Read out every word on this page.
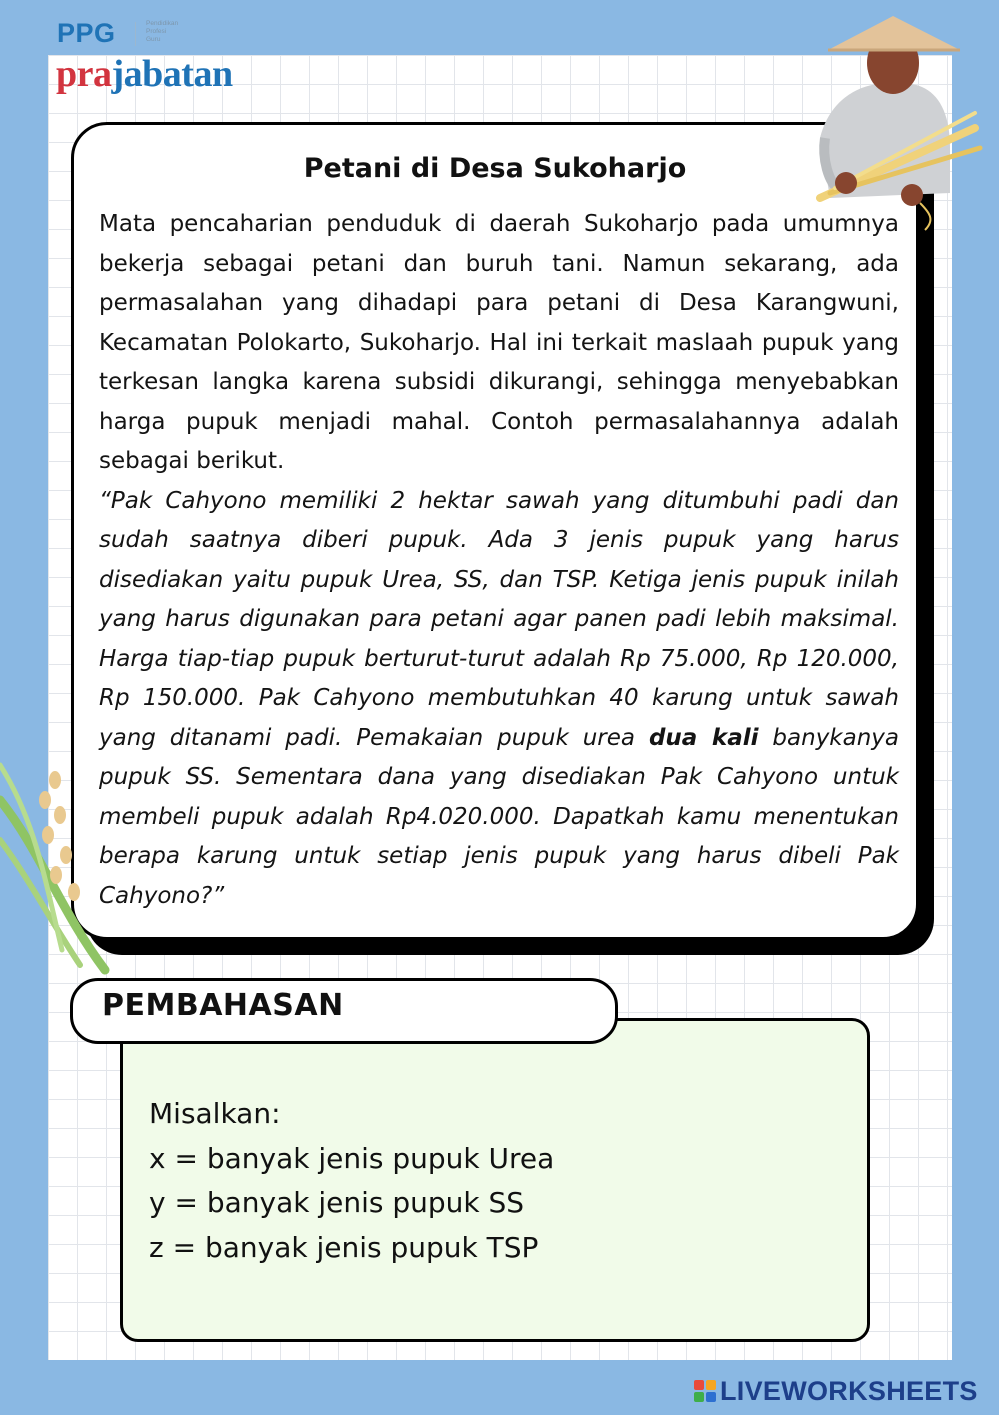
PPG	Pendidikan
Profesi
Guru
prajabatan
Petani di Desa Sukoharjo

Mata pencaharian penduduk di daerah Sukoharjo pada umumnya bekerja sebagai petani dan buruh tani. Namun sekarang, ada permasalahan yang dihadapi para petani di Desa Karangwuni, Kecamatan Polokarto, Sukoharjo. Hal ini terkait maslaah pupuk yang terkesan langka karena subsidi dikurangi, sehingga menyebabkan harga pupuk menjadi mahal. Contoh permasalahannya adalah sebagai berikut.

“Pak Cahyono memiliki 2 hektar sawah yang ditumbuhi padi dan sudah saatnya diberi pupuk. Ada 3 jenis pupuk yang harus disediakan yaitu pupuk Urea, SS, dan TSP. Ketiga jenis pupuk inilah yang harus digunakan para petani agar panen padi lebih maksimal. Harga tiap-tiap pupuk berturut-turut adalah Rp 75.000, Rp 120.000, Rp 150.000. Pak Cahyono membutuhkan 40 karung untuk sawah yang ditanami padi. Pemakaian pupuk urea dua kali banykanya pupuk SS. Sementara dana yang disediakan Pak Cahyono untuk membeli pupuk adalah Rp4.020.000. Dapatkah kamu menentukan berapa karung untuk setiap jenis pupuk yang harus dibeli Pak Cahyono?”

PEMBAHASAN
Misalkan:
x = banyak jenis pupuk Urea
y = banyak jenis pupuk SS
z = banyak jenis pupuk TSP
LIVEWORKSHEETS
